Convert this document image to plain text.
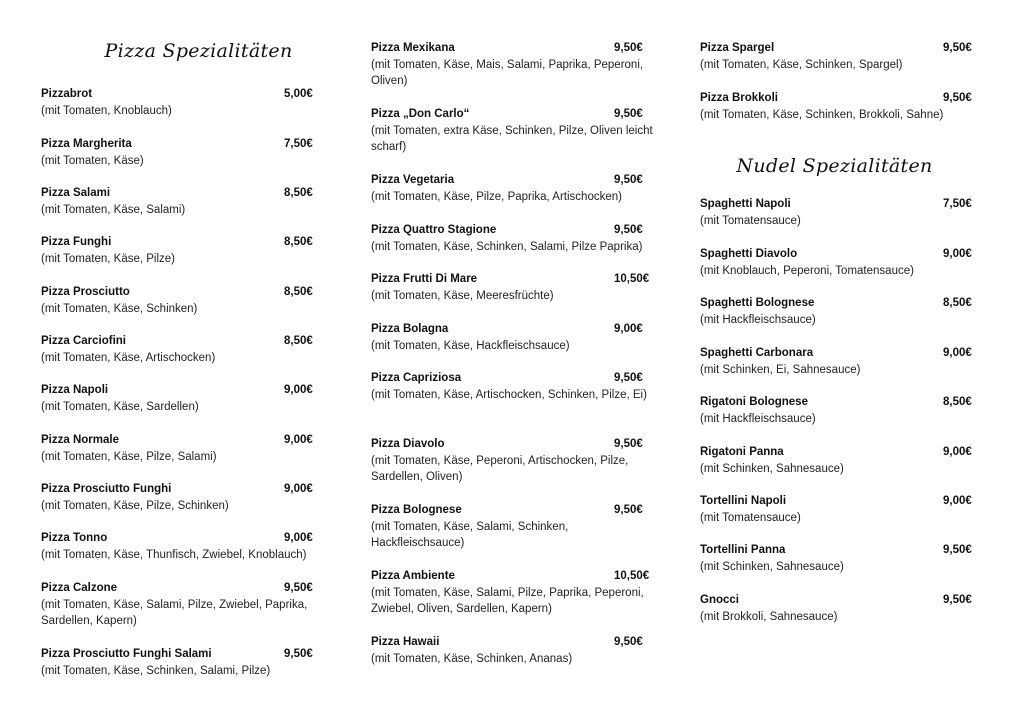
Pizza Spezialitäten
Pizzabrot	5,00€
(mit Tomaten, Knoblauch)
Pizza Margherita	7,50€
(mit Tomaten, Käse)
Pizza Salami	8,50€
(mit Tomaten, Käse, Salami)
Pizza Funghi	8,50€
(mit Tomaten, Käse, Pilze)
Pizza Prosciutto	8,50€
(mit Tomaten, Käse, Schinken)
Pizza Carciofini	8,50€
(mit Tomaten, Käse, Artischocken)
Pizza Napoli	9,00€
(mit Tomaten, Käse, Sardellen)
Pizza Normale	9,00€
(mit Tomaten, Käse, Pilze, Salami)
Pizza Prosciutto Funghi	9,00€
(mit Tomaten, Käse, Pilze, Schinken)
Pizza Tonno	9,00€
(mit Tomaten, Käse, Thunfisch, Zwiebel, Knoblauch)
Pizza Calzone	9,50€
(mit Tomaten, Käse, Salami, Pilze, Zwiebel, Paprika, Sardellen, Kapern)
Pizza Prosciutto Funghi Salami	9,50€
(mit Tomaten, Käse, Schinken, Salami, Pilze)
Pizza Mexikana	9,50€
(mit Tomaten, Käse, Mais, Salami, Paprika, Peperoni, Oliven)
Pizza „Don Carlo“	9,50€
(mit Tomaten, extra Käse, Schinken, Pilze, Oliven leicht scharf)
Pizza Vegetaria	9,50€
(mit Tomaten, Käse, Pilze, Paprika, Artischocken)
Pizza Quattro Stagione	9,50€
(mit Tomaten, Käse, Schinken, Salami, Pilze Paprika)
Pizza Frutti Di Mare	10,50€
(mit Tomaten, Käse, Meeresfrüchte)
Pizza Bolagna	9,00€
(mit Tomaten, Käse, Hackfleischsauce)
Pizza Capriziosa	9,50€
(mit Tomaten, Käse, Artischocken, Schinken, Pilze, Ei)
Pizza Diavolo	9,50€
(mit Tomaten, Käse, Peperoni, Artischocken, Pilze, Sardellen, Oliven)
Pizza Bolognese	9,50€
(mit Tomaten, Käse, Salami, Schinken, Hackfleischsauce)
Pizza Ambiente	10,50€
(mit Tomaten, Käse, Salami, Pilze, Paprika, Peperoni, Zwiebel, Oliven, Sardellen, Kapern)
Pizza Hawaii	9,50€
(mit Tomaten, Käse, Schinken, Ananas)
Pizza Spargel	9,50€
(mit Tomaten, Käse, Schinken, Spargel)
Pizza Brokkoli	9,50€
(mit Tomaten, Käse, Schinken, Brokkoli, Sahne)
Nudel Spezialitäten
Spaghetti Napoli	7,50€
(mit Tomatensauce)
Spaghetti Diavolo	9,00€
(mit Knoblauch, Peperoni, Tomatensauce)
Spaghetti Bolognese	8,50€
(mit Hackfleischsauce)
Spaghetti Carbonara	9,00€
(mit Schinken, Ei, Sahnesauce)
Rigatoni Bolognese	8,50€
(mit Hackfleischsauce)
Rigatoni Panna	9,00€
(mit Schinken, Sahnesauce)
Tortellini Napoli	9,00€
(mit Tomatensauce)
Tortellini Panna	9,50€
(mit Schinken, Sahnesauce)
Gnocci	9,50€
(mit Brokkoli, Sahnesauce)
